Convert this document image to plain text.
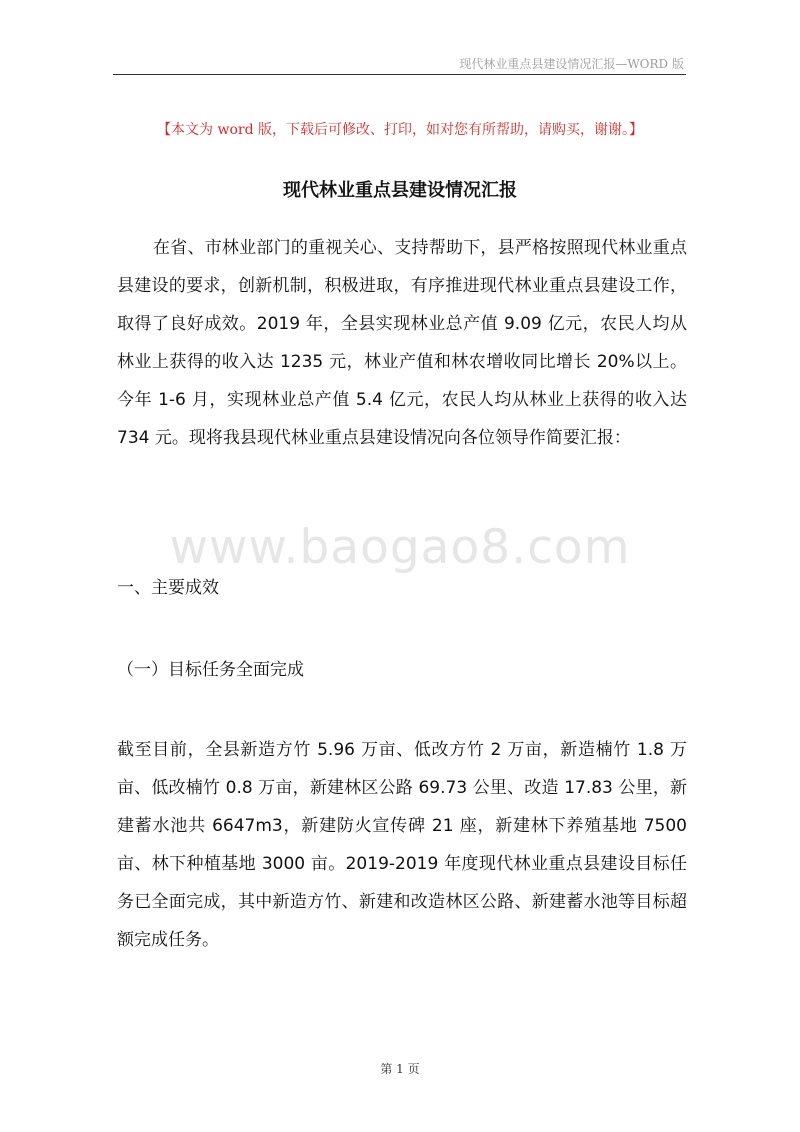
现代林业重点县建设情况汇报—WORD 版
【本文为 word 版，下载后可修改、打印，如对您有所帮助，请购买，谢谢。】
现代林业重点县建设情况汇报

在省、市林业部门的重视关心、支持帮助下，县严格按照现代林业重点县建设的要求，创新机制，积极进取，有序推进现代林业重点县建设工作，取得了良好成效。2019 年，全县实现林业总产值 9.09 亿元，农民人均从林业上获得的收入达 1235 元，林业产值和林农增收同比增长 20%以上。今年 1-6 月，实现林业总产值 5.4 亿元，农民人均从林业上获得的收入达 734 元。现将我县现代林业重点县建设情况向各位领导作简要汇报：

www.baogao8.com
一、主要成效
（一）目标任务全面完成

截至目前，全县新造方竹 5.96 万亩、低改方竹 2 万亩，新造楠竹 1.8 万亩、低改楠竹 0.8 万亩，新建林区公路 69.73 公里、改造 17.83 公里，新建蓄水池共 6647m3，新建防火宣传碑 21 座，新建林下养殖基地 7500 亩、林下种植基地 3000 亩。2019-2019 年度现代林业重点县建设目标任务已全面完成，其中新造方竹、新建和改造林区公路、新建蓄水池等目标超额完成任务。

第 1 页
